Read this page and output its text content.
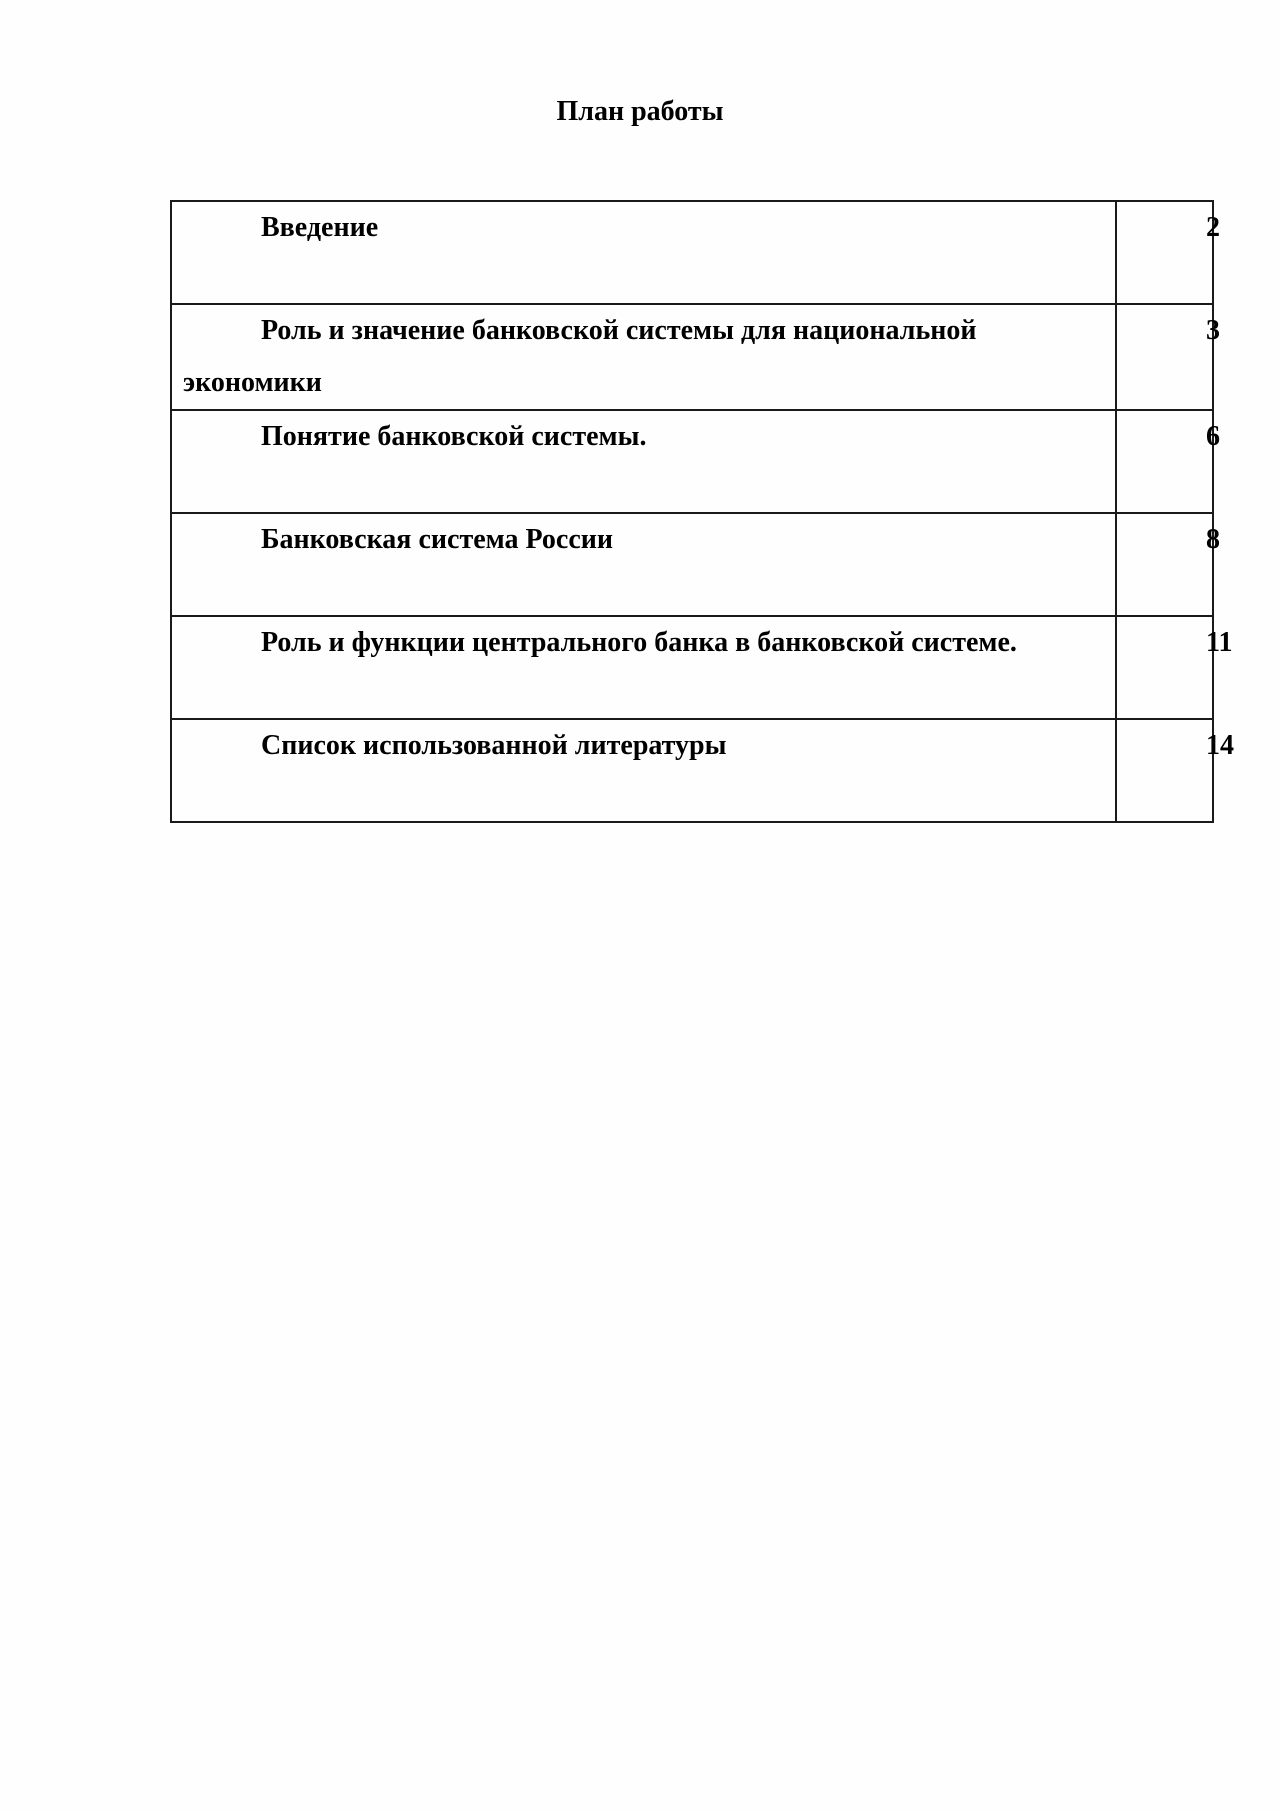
План работы
Введение	2

Роль и значение банковской системы для национальной экономики	3

Понятие банковской системы.	6

Банковская система России	8

Роль и функции центрального банка в банковской системе.	11

Список использованной литературы	14
